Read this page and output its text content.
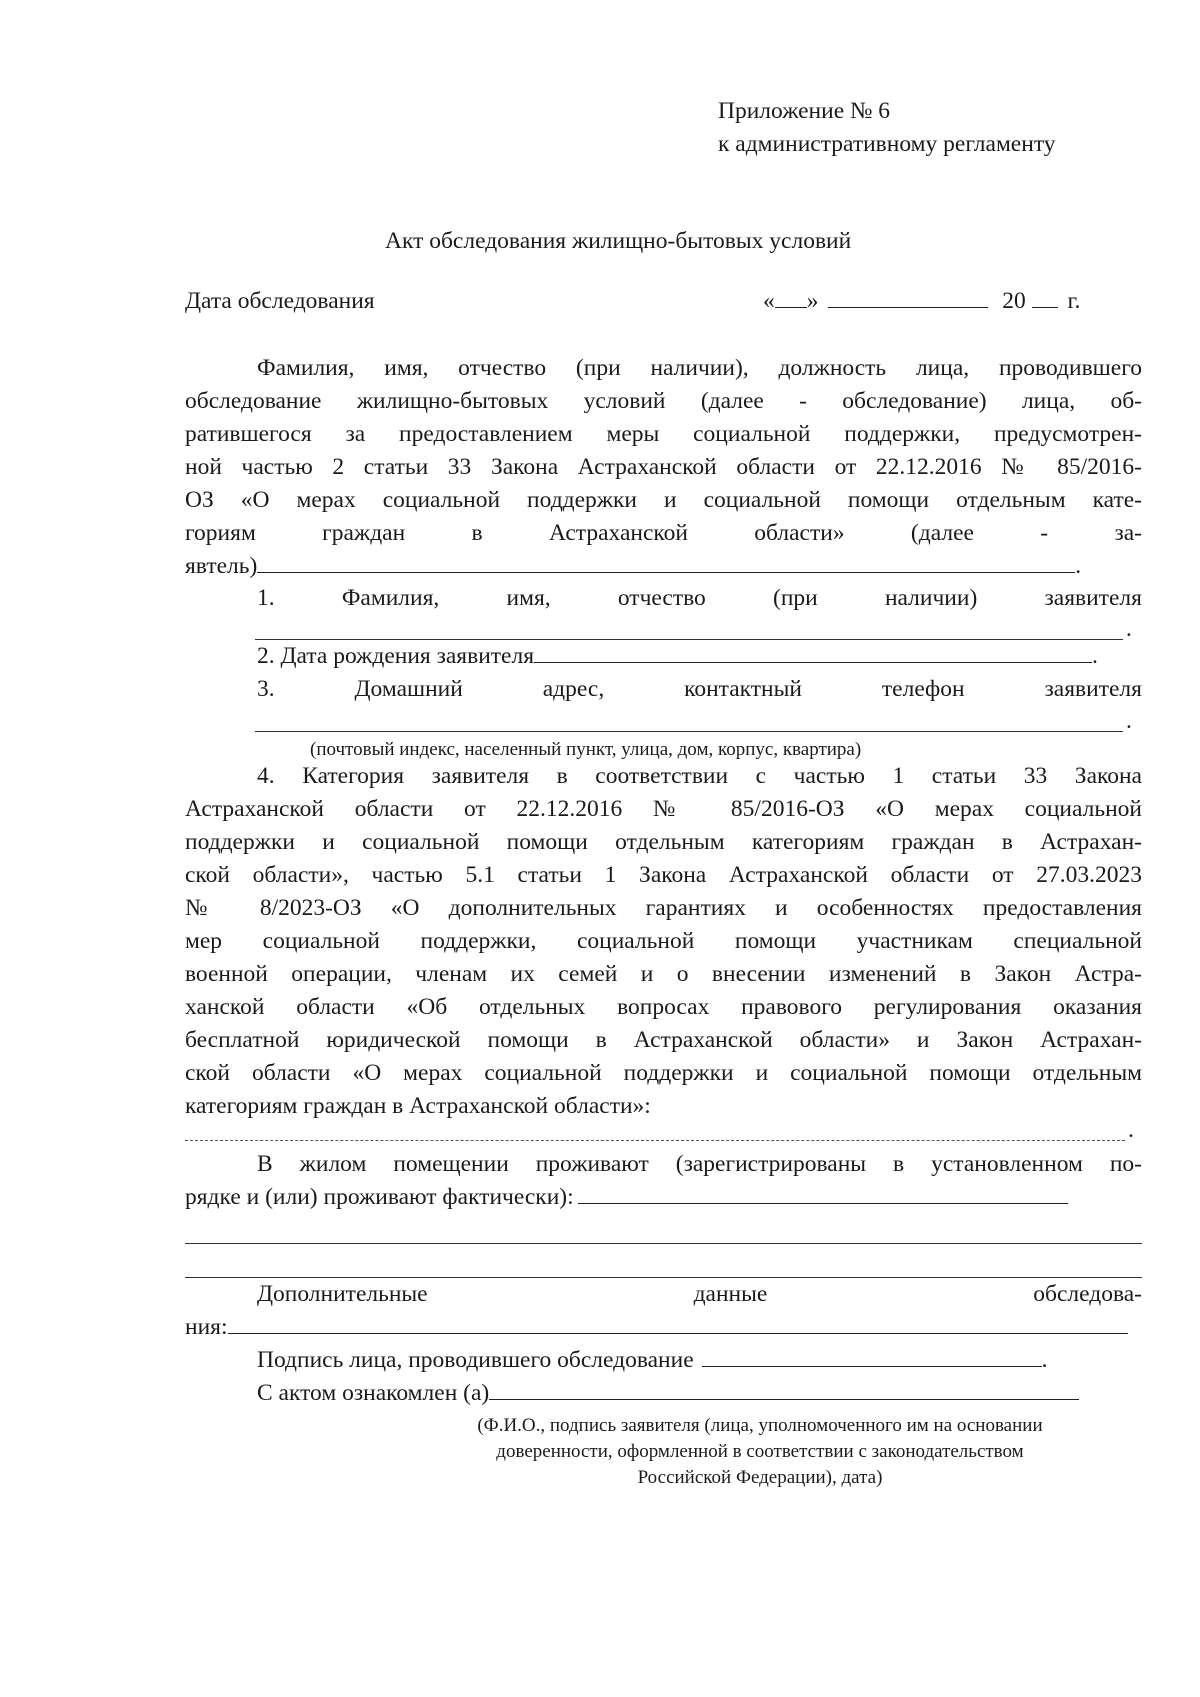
Приложение № 6
к административному регламенту
Акт обследования жилищно-бытовых условий
Дата обследования	« »	20 г.
Фамилия, имя, отчество (при наличии), должность лица, проводившего
обследование жилищно-бытовых условий (далее - обследование) лица, об-
ратившегося за предоставлением меры социальной поддержки, предусмотрен-
ной частью 2 статьи 33 Закона Астраханской области от 22.12.2016 № 85/2016-
ОЗ «О мерах социальной поддержки и социальной помощи отдельным кате-
гориям граждан в Астраханской области» (далее - за-
явтель)	.
1.	Фамилия,	имя,	отчество	(при	наличии)	заявителя
.
2. Дата рождения заявителя	.
3.	Домашний	адрес,	контактный	телефон	заявителя
.
(почтовый индекс, населенный пункт, улица, дом, корпус, квартира)
4. Категория заявителя в соответствии с частью 1 статьи 33 Закона
Астраханской области от 22.12.2016 № 85/2016-ОЗ «О мерах социальной
поддержки и социальной помощи отдельным категориям граждан в Астрахан-
ской области», частью 5.1 статьи 1 Закона Астраханской области от 27.03.2023
№ 8/2023-ОЗ «О дополнительных гарантиях и особенностях предоставления
мер социальной поддержки, социальной помощи участникам специальной
военной операции, членам их семей и о внесении изменений в Закон Астра-
ханской области «Об отдельных вопросах правового регулирования оказания
бесплатной юридической помощи в Астраханской области» и Закон Астрахан-
ской области «О мерах социальной поддержки и социальной помощи отдельным
категориям граждан в Астраханской области»:
.
В жилом помещении проживают (зарегистрированы в установленном по-
рядке и (или) проживают фактически):
Дополнительные	данные	обследова-
ния:
Подпись лица, проводившего обследование	.
С актом ознакомлен (а)
(Ф.И.О., подпись заявителя (лица, уполномоченного им на основании
доверенности, оформленной в соответствии с законодательством
Российской Федерации), дата)
